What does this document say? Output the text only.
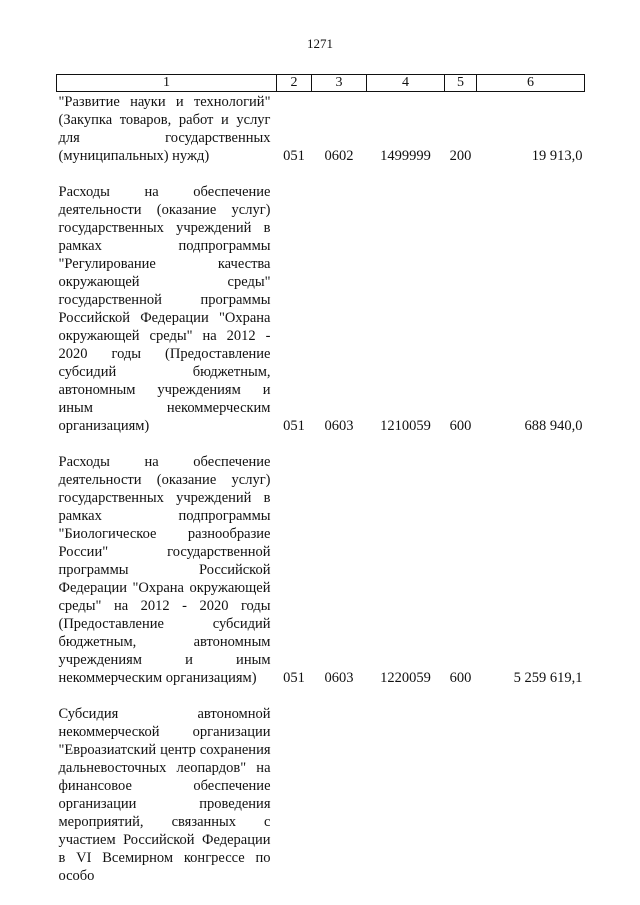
1271
1	2	3	4	5	6
"Развитие науки и технологий" (Закупка товаров, работ и услуг для государственных (муниципальных) нужд)	051	0602	1499999	200	19 913,0

Расходы на обеспечение деятельности (оказание услуг) государственных учреждений в рамках подпрограммы "Регулирование качества окружающей среды" государственной программы Российской Федерации "Охрана окружающей среды" на 2012 - 2020 годы (Предоставление субсидий бюджетным, автономным учреждениям и иным некоммерческим организациям)	051	0603	1210059	600	688 940,0

Расходы на обеспечение деятельности (оказание услуг) государственных учреждений в рамках подпрограммы "Биологическое разнообразие России" государственной программы Российской Федерации "Охрана окружающей среды" на 2012 - 2020 годы (Предоставление субсидий бюджетным, автономным учреждениям и иным некоммерческим организациям)	051	0603	1220059	600	5 259 619,1

Субсидия автономной некоммерческой организации "Евроазиатский центр сохранения дальневосточных леопардов" на финансовое обеспечение организации проведения мероприятий, связанных с участием Российской Федерации в VI Всемирном конгрессе по особо					
